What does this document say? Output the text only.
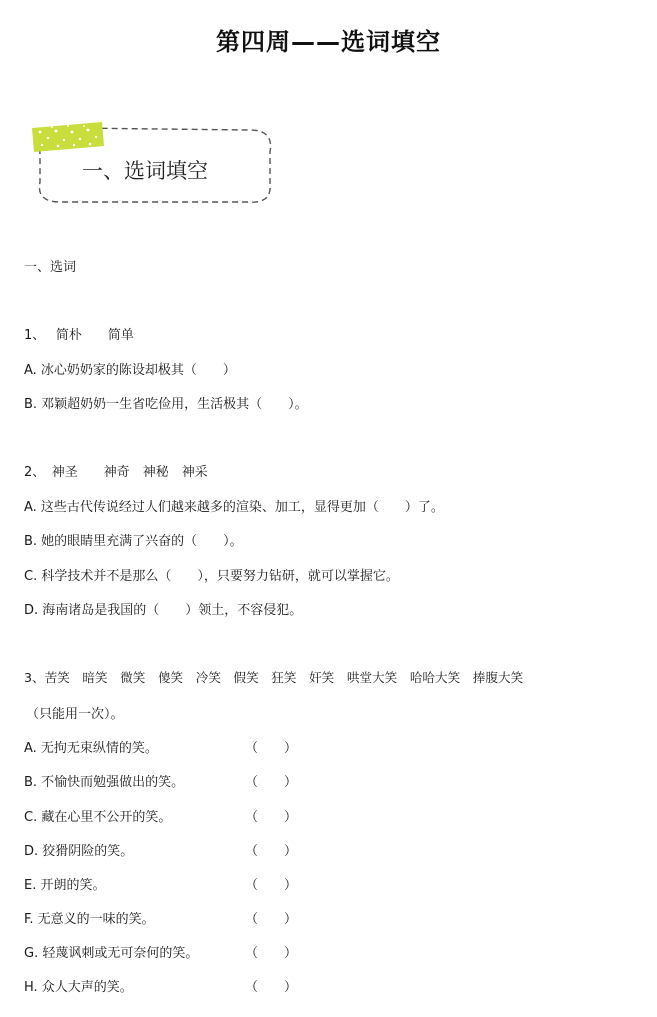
第四周——选词填空
一、选词填空
一、选词
1、　 简朴　　简单
A. 冰心奶奶家的陈设却极其（　　）
B. 邓颖超奶奶一生省吃俭用，生活极其（　　）。
2、　神圣　　神奇　神秘　神采
A. 这些古代传说经过人们越来越多的渲染、加工，显得更加（　　）了。
B. 她的眼睛里充满了兴奋的（　　）。
C. 科学技术并不是那么（　　），只要努力钻研，就可以掌握它。
D. 海南诸岛是我国的（　　）领土，不容侵犯。
3、苦笑　暗笑　微笑　傻笑　冷笑　假笑　狂笑　奸笑　哄堂大笑　哈哈大笑　捧腹大笑
（只能用一次）。
A. 无拘无束纵情的笑。	（　　）
B. 不愉快而勉强做出的笑。	（　　）
C. 藏在心里不公开的笑。	（　　）
D. 狡猾阴险的笑。	（　　）
E. 开朗的笑。	（　　）
F. 无意义的一味的笑。	（　　）
G. 轻蔑讽刺或无可奈何的笑。	（　　）
H. 众人大声的笑。	（　　）
